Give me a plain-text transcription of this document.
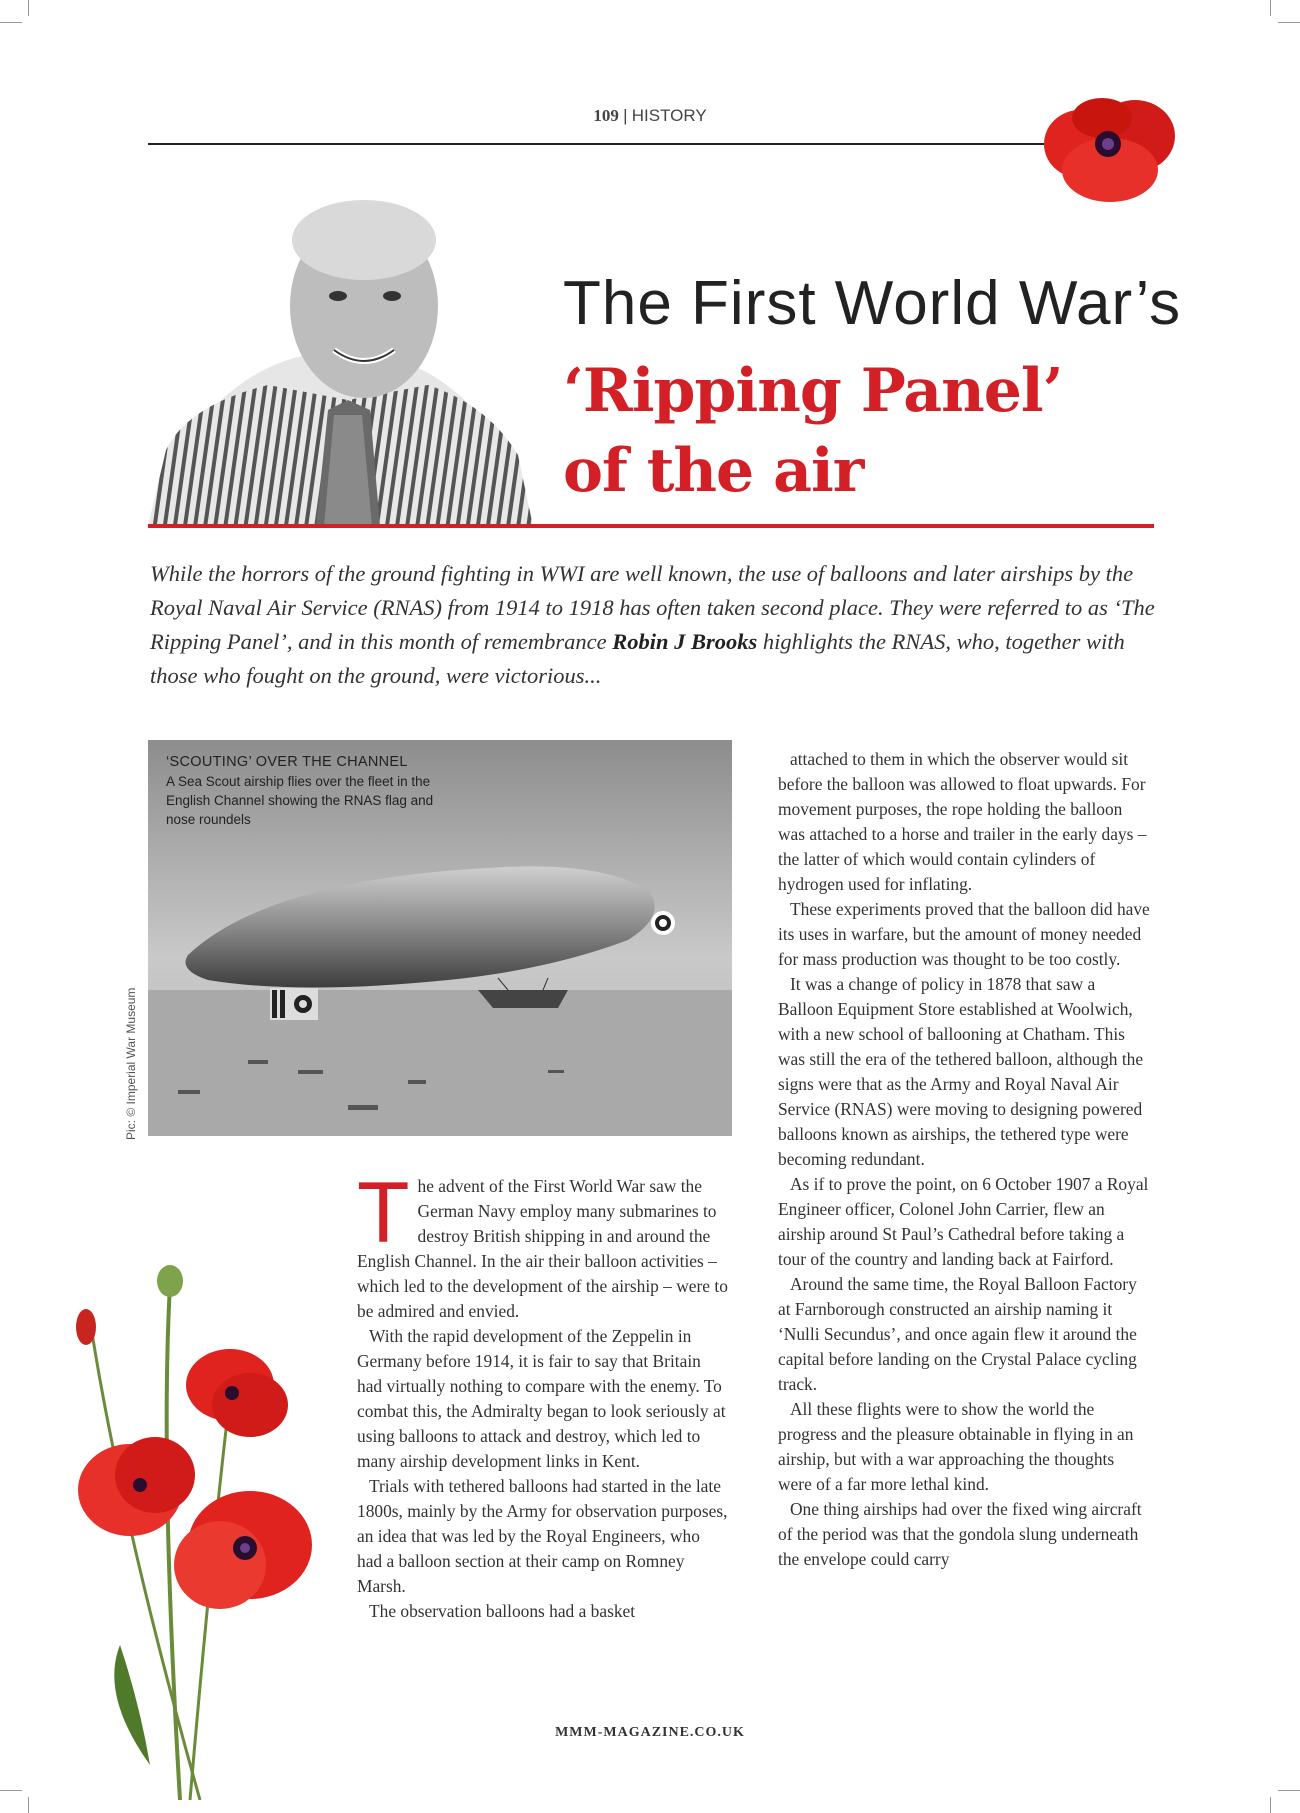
109 | HISTORY
The First World War’s
‘Ripping Panel’
of the air
While the horrors of the ground fighting in WWI are well known, the use of balloons and later airships by the Royal Naval Air Service (RNAS) from 1914 to 1918 has often taken second place. They were referred to as ‘The Ripping Panel’, and in this month of remembrance Robin J Brooks highlights the RNAS, who, together with those who fought on the ground, were victorious...
‘SCOUTING’ OVER THE CHANNEL
A Sea Scout airship flies over the fleet in the English Channel showing the RNAS flag and nose roundels
Pic: © Imperial War Museum

The advent of the First World War saw the German Navy employ many submarines to destroy British shipping in and around the English Channel. In the air their balloon activities – which led to the development of the airship – were to be admired and envied.

With the rapid development of the Zeppelin in Germany before 1914, it is fair to say that Britain had virtually nothing to compare with the enemy. To combat this, the Admiralty began to look seriously at using balloons to attack and destroy, which led to many airship development links in Kent.

Trials with tethered balloons had started in the late 1800s, mainly by the Army for observation purposes, an idea that was led by the Royal Engineers, who had a balloon section at their camp on Romney Marsh.

The observation balloons had a basket

attached to them in which the observer would sit before the balloon was allowed to float upwards. For movement purposes, the rope holding the balloon was attached to a horse and trailer in the early days – the latter of which would contain cylinders of hydrogen used for inflating.

These experiments proved that the balloon did have its uses in warfare, but the amount of money needed for mass production was thought to be too costly.

It was a change of policy in 1878 that saw a Balloon Equipment Store established at Woolwich, with a new school of ballooning at Chatham. This was still the era of the tethered balloon, although the signs were that as the Army and Royal Naval Air Service (RNAS) were moving to designing powered balloons known as airships, the tethered type were becoming redundant.

As if to prove the point, on 6 October 1907 a Royal Engineer officer, Colonel John Carrier, flew an airship around St Paul’s Cathedral before taking a tour of the country and landing back at Fairford.

Around the same time, the Royal Balloon Factory at Farnborough constructed an airship naming it ‘Nulli Secundus’, and once again flew it around the capital before landing on the Crystal Palace cycling track.

All these flights were to show the world the progress and the pleasure obtainable in flying in an airship, but with a war approaching the thoughts were of a far more lethal kind.

One thing airships had over the fixed wing aircraft of the period was that the gondola slung underneath the envelope could carry

MMM-MAGAZINE.CO.UK
